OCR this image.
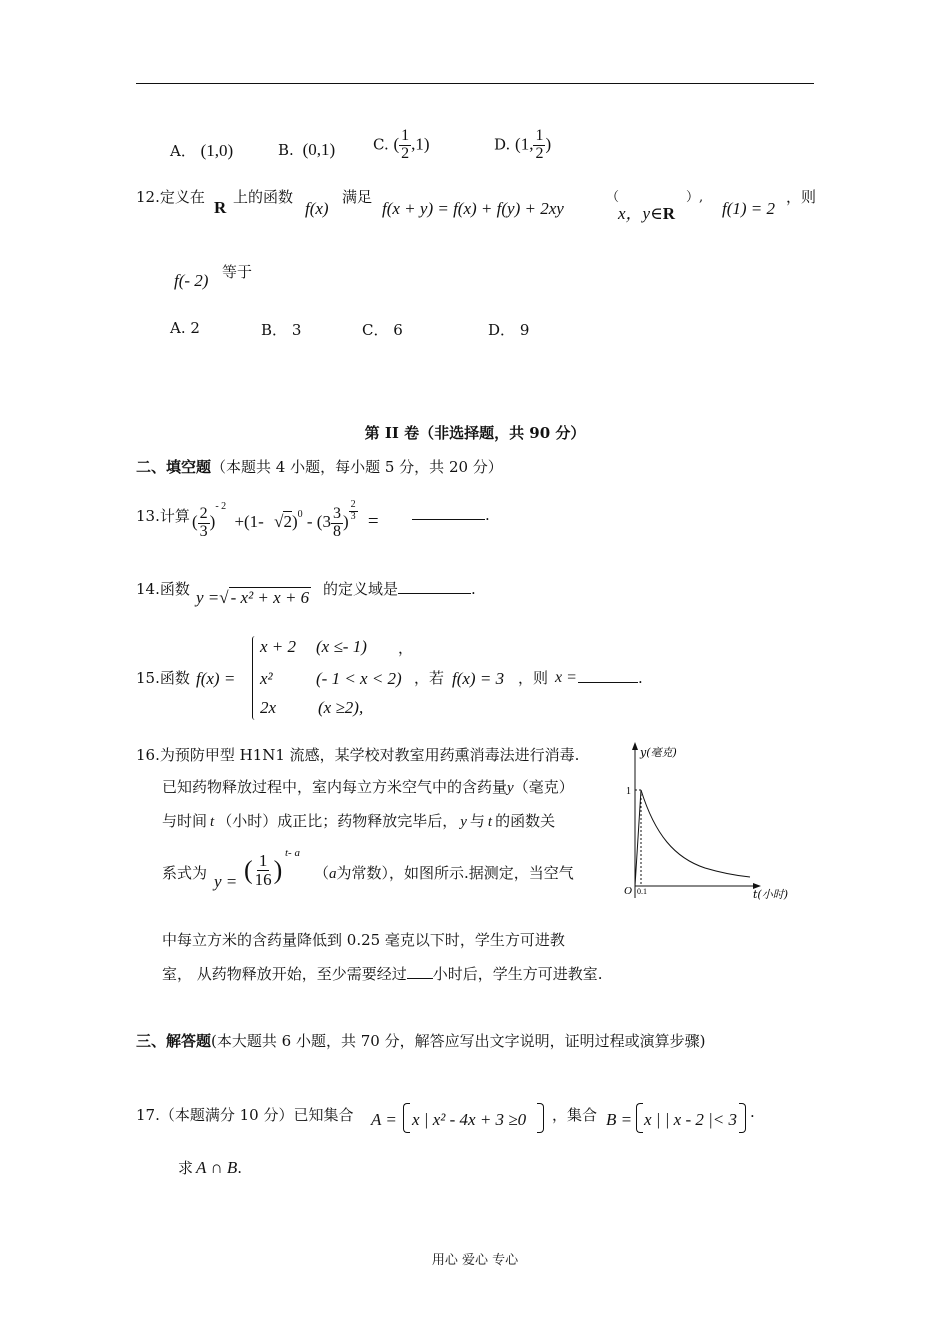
A． (1,0)	B. (0,1)	C. ( $\frac{1}{2} ,1$)	D. (1, $\frac{1}{2}$ )
12.定义在
R
上的函数
f(x)
满足
f(x + y) = f(x) + f(y) + 2xy
（
x，y∈R
）,
f(1) = 2
，则
f(- 2) 等于
A. 2	B． 3	C． 6	D． 9
第 II 卷（非选择题，共 90 分）
二、填空题（本题共 4 小题，每小题 5 分，共 20 分）
13.计算 ( $\frac{2}{3} )^{- 2} +(1-$ $√2)^0 - (3 \frac{3}{8}$ ) $\frac{2}{3}$ =	.
14.函数 y =√ - x² + x + 6 的定义域是	.
15.函数 f(x) =
x + 2 (x ≤- 1) ，
x²	(- 1 < x < 2)
2x (x ≥2),
，若 f(x) = 3 ，则 x =	.
16.为预防甲型 H1N1 流感，某学校对教室用药熏消毒法进行消毒.
已知药物释放过程中，室内每立方米空气中的含药量y（毫克）
与时间 t （小时）成正比；药物释放完毕后， y 与 t 的函数关
系式为 y = ( $\frac{1}{16}$ )
t- a
（a为常数），如图所示.据测定，当空气
中每立方米的含药量降低到 0.25 毫克以下时，学生方可进教
室， 从药物释放开始，至少需要经过 小时后，学生方可进教室.
y(毫克)
1
O 0.1	t(小时)
三、解答题(本大题共 6 小题，共 70 分，解答应写出文字说明，证明过程或演算步骤)
17.（本题满分 10 分）已知集合 A = x | x² - 4x + 3 ≥0 ，集合 B = x | | x - 2 |< 3 ·
求 A ∩ B.
用心 爱心 专心
